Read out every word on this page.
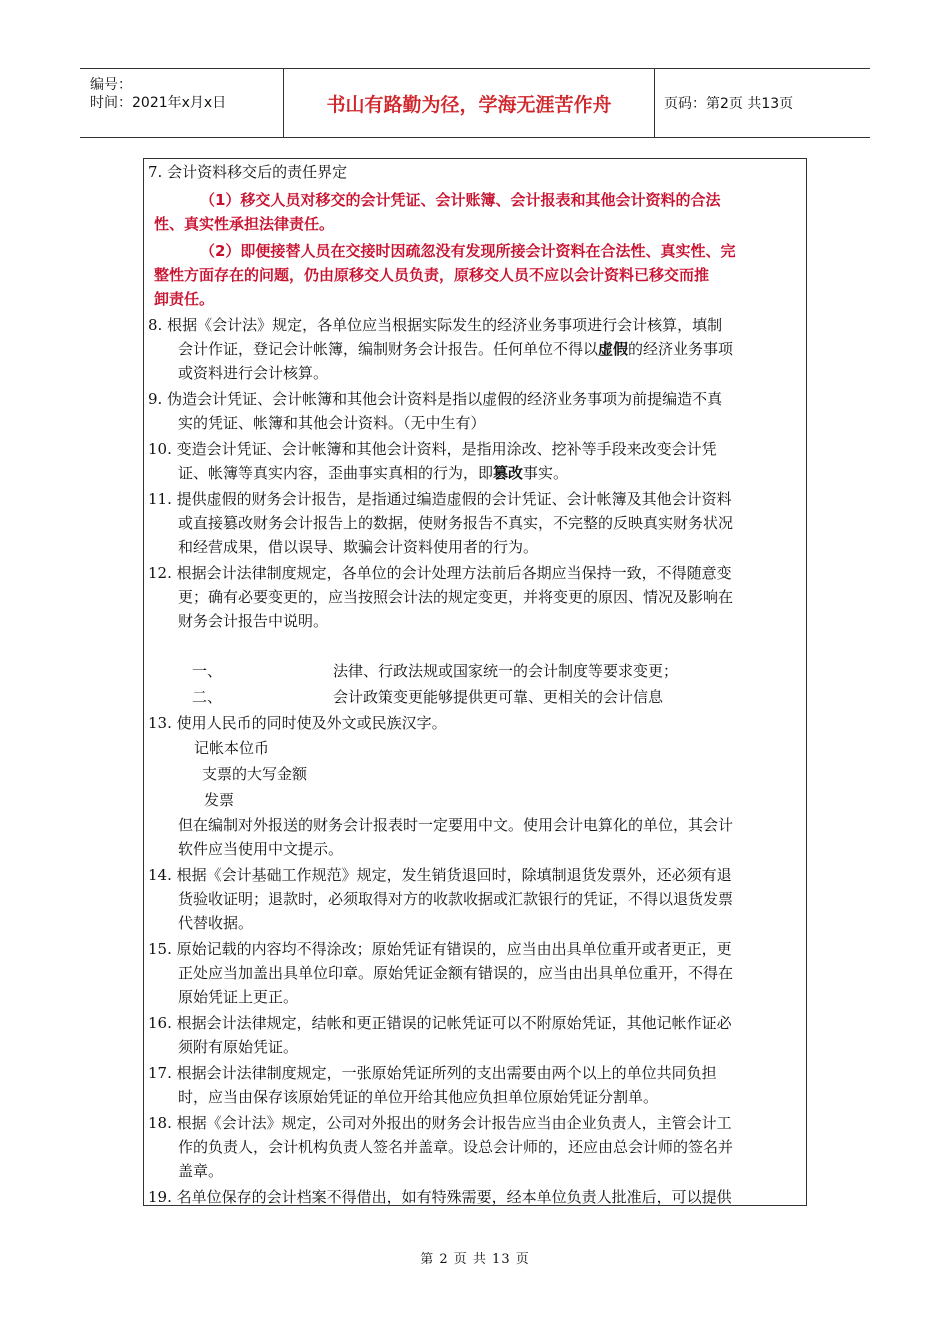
编号：
时间：2021年x月x日	书山有路勤为径，学海无涯苦作舟	页码：第2页 共13页
7. 会计资料移交后的责任界定
（1）移交人员对移交的会计凭证、会计账簿、会计报表和其他会计资料的合法
性、真实性承担法律责任。
（2）即便接替人员在交接时因疏忽没有发现所接会计资料在合法性、真实性、完
整性方面存在的问题，仍由原移交人员负责，原移交人员不应以会计资料已移交而推
卸责任。
8. 根据《会计法》规定，各单位应当根据实际发生的经济业务事项进行会计核算，填制
会计作证，登记会计帐簿，编制财务会计报告。任何单位不得以虚假的经济业务事项
或资料进行会计核算。
9. 伪造会计凭证、会计帐簿和其他会计资料是指以虚假的经济业务事项为前提编造不真
实的凭证、帐簿和其他会计资料。（无中生有）
10. 变造会计凭证、会计帐簿和其他会计资料，是指用涂改、挖补等手段来改变会计凭
证、帐簿等真实内容，歪曲事实真相的行为，即篡改事实。
11. 提供虚假的财务会计报告，是指通过编造虚假的会计凭证、会计帐簿及其他会计资料
或直接篡改财务会计报告上的数据，使财务报告不真实，不完整的反映真实财务状况
和经营成果，借以误导、欺骗会计资料使用者的行为。
12. 根据会计法律制度规定，各单位的会计处理方法前后各期应当保持一致，不得随意变
更；确有必要变更的，应当按照会计法的规定变更，并将变更的原因、情况及影响在
财务会计报告中说明。
一、	法律、行政法规或国家统一的会计制度等要求变更；
二、	会计政策变更能够提供更可靠、更相关的会计信息
13. 使用人民币的同时使及外文或民族汉字。
记帐本位币
支票的大写金额
发票
但在编制对外报送的财务会计报表时一定要用中文。使用会计电算化的单位，其会计
软件应当使用中文提示。
14. 根据《会计基础工作规范》规定，发生销货退回时，除填制退货发票外，还必须有退
货验收证明；退款时，必须取得对方的收款收据或汇款银行的凭证，不得以退货发票
代替收据。
15. 原始记载的内容均不得涂改；原始凭证有错误的，应当由出具单位重开或者更正，更
正处应当加盖出具单位印章。原始凭证金额有错误的，应当由出具单位重开，不得在
原始凭证上更正。
16. 根据会计法律规定，结帐和更正错误的记帐凭证可以不附原始凭证，其他记帐作证必
须附有原始凭证。
17. 根据会计法律制度规定，一张原始凭证所列的支出需要由两个以上的单位共同负担
时，应当由保存该原始凭证的单位开给其他应负担单位原始凭证分割单。
18. 根据《会计法》规定，公司对外报出的财务会计报告应当由企业负责人，主管会计工
作的负责人，会计机构负责人签名并盖章。设总会计师的，还应由总会计师的签名并
盖章。
19. 名单位保存的会计档案不得借出，如有特殊需要，经本单位负责人批准后，可以提供
第 2 页 共 13 页
